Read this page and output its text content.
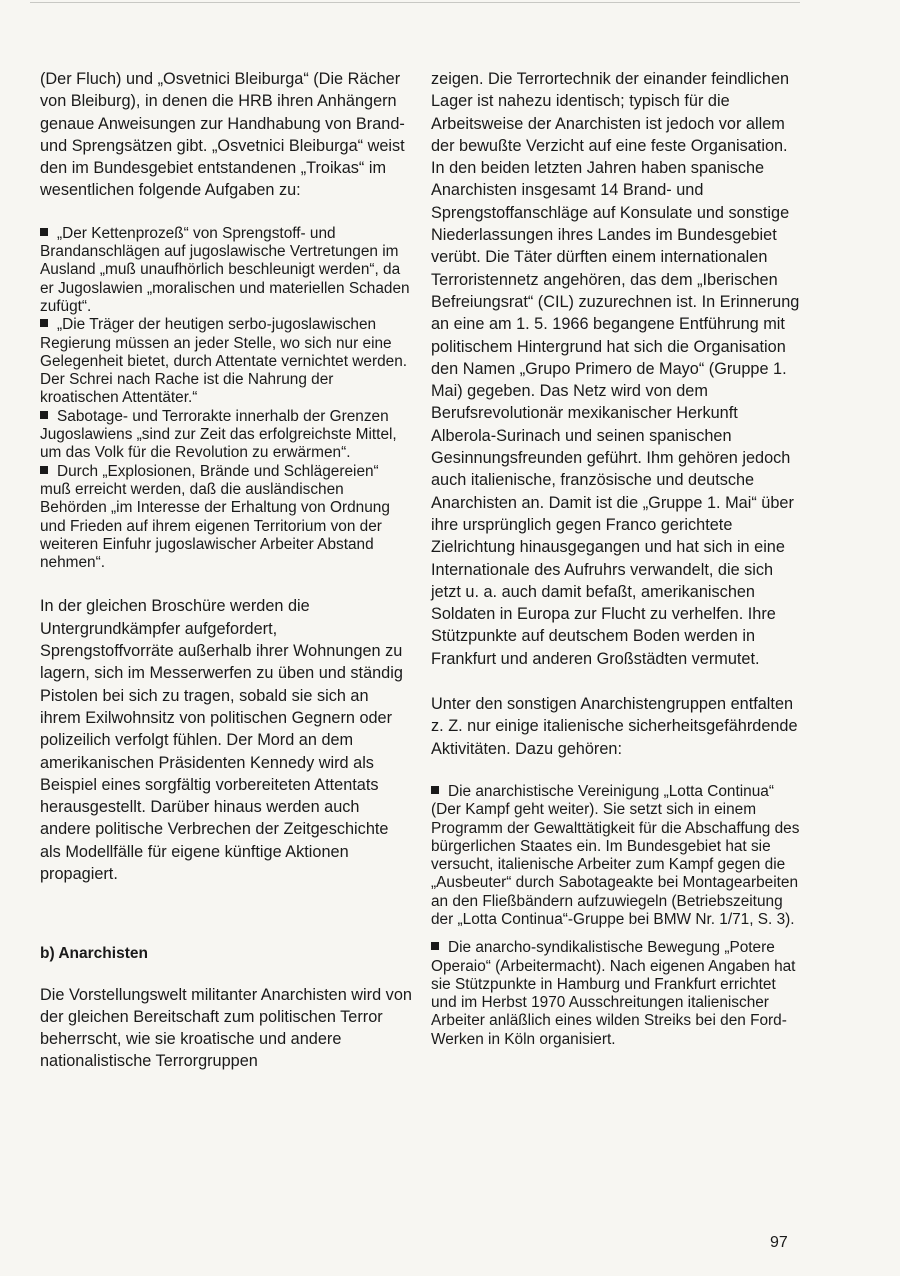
(Der Fluch) und „Osvetnici Bleiburga“ (Die Rächer von Bleiburg), in denen die HRB ihren Anhängern genaue Anweisungen zur Handhabung von Brand- und Sprengsätzen gibt. „Osvetnici Bleiburga“ weist den im Bundesgebiet entstandenen „Troikas“ im wesentlichen folgende Aufgaben zu:

„Der Kettenprozeß“ von Sprengstoff- und Brandanschlägen auf jugoslawische Vertretungen im Ausland „muß unaufhörlich beschleunigt werden“, da er Jugoslawien „moralischen und materiellen Schaden zufügt“.

„Die Träger der heutigen serbo-jugoslawischen Regierung müssen an jeder Stelle, wo sich nur eine Gelegenheit bietet, durch Attentate vernichtet werden. Der Schrei nach Rache ist die Nahrung der kroatischen Attentäter.“

Sabotage- und Terrorakte innerhalb der Grenzen Jugoslawiens „sind zur Zeit das erfolgreichste Mittel, um das Volk für die Revolution zu erwärmen“.

Durch „Explosionen, Brände und Schlägereien“ muß erreicht werden, daß die ausländischen Behörden „im Interesse der Erhaltung von Ordnung und Frieden auf ihrem eigenen Territorium von der weiteren Einfuhr jugoslawischer Arbeiter Abstand nehmen“.

In der gleichen Broschüre werden die Untergrundkämpfer aufgefordert, Sprengstoffvorräte außerhalb ihrer Wohnungen zu lagern, sich im Messerwerfen zu üben und ständig Pistolen bei sich zu tragen, sobald sie sich an ihrem Exilwohnsitz von politischen Gegnern oder polizeilich verfolgt fühlen. Der Mord an dem amerikanischen Präsidenten Kennedy wird als Beispiel eines sorgfältig vorbereiteten Attentats herausgestellt. Darüber hinaus werden auch andere politische Verbrechen der Zeitgeschichte als Modellfälle für eigene künftige Aktionen propagiert.

b) Anarchisten

Die Vorstellungswelt militanter Anarchisten wird von der gleichen Bereitschaft zum politischen Terror beherrscht, wie sie kroatische und andere nationalistische Terrorgruppen

zeigen. Die Terrortechnik der einander feindlichen Lager ist nahezu identisch; typisch für die Arbeitsweise der Anarchisten ist jedoch vor allem der bewußte Verzicht auf eine feste Organisation.

In den beiden letzten Jahren haben spanische Anarchisten insgesamt 14 Brand- und Sprengstoffanschläge auf Konsulate und sonstige Niederlassungen ihres Landes im Bundesgebiet verübt. Die Täter dürften einem internationalen Terroristennetz angehören, das dem „Iberischen Befreiungsrat“ (CIL) zuzurechnen ist. In Erinnerung an eine am 1. 5. 1966 begangene Entführung mit politischem Hintergrund hat sich die Organisation den Namen „Grupo Primero de Mayo“ (Gruppe 1. Mai) gegeben. Das Netz wird von dem Berufsrevolutionär mexikanischer Herkunft Alberola-Surinach und seinen spanischen Gesinnungsfreunden geführt. Ihm gehören jedoch auch italienische, französische und deutsche Anarchisten an. Damit ist die „Gruppe 1. Mai“ über ihre ursprünglich gegen Franco gerichtete Zielrichtung hinausgegangen und hat sich in eine Internationale des Aufruhrs verwandelt, die sich jetzt u. a. auch damit befaßt, amerikanischen Soldaten in Europa zur Flucht zu verhelfen. Ihre Stützpunkte auf deutschem Boden werden in Frankfurt und anderen Großstädten vermutet.

Unter den sonstigen Anarchistengruppen entfalten z. Z. nur einige italienische sicherheitsgefährdende Aktivitäten. Dazu gehören:

Die anarchistische Vereinigung „Lotta Continua“ (Der Kampf geht weiter). Sie setzt sich in einem Programm der Gewalttätigkeit für die Abschaffung des bürgerlichen Staates ein. Im Bundesgebiet hat sie versucht, italienische Arbeiter zum Kampf gegen die „Ausbeuter“ durch Sabotageakte bei Montagearbeiten an den Fließbändern aufzuwiegeln (Betriebszeitung der „Lotta Continua“-Gruppe bei BMW Nr. 1/71, S. 3).

Die anarcho-syndikalistische Bewegung „Potere Operaio“ (Arbeitermacht). Nach eigenen Angaben hat sie Stützpunkte in Hamburg und Frankfurt errichtet und im Herbst 1970 Ausschreitungen italienischer Arbeiter anläßlich eines wilden Streiks bei den Ford-Werken in Köln organisiert.

97
